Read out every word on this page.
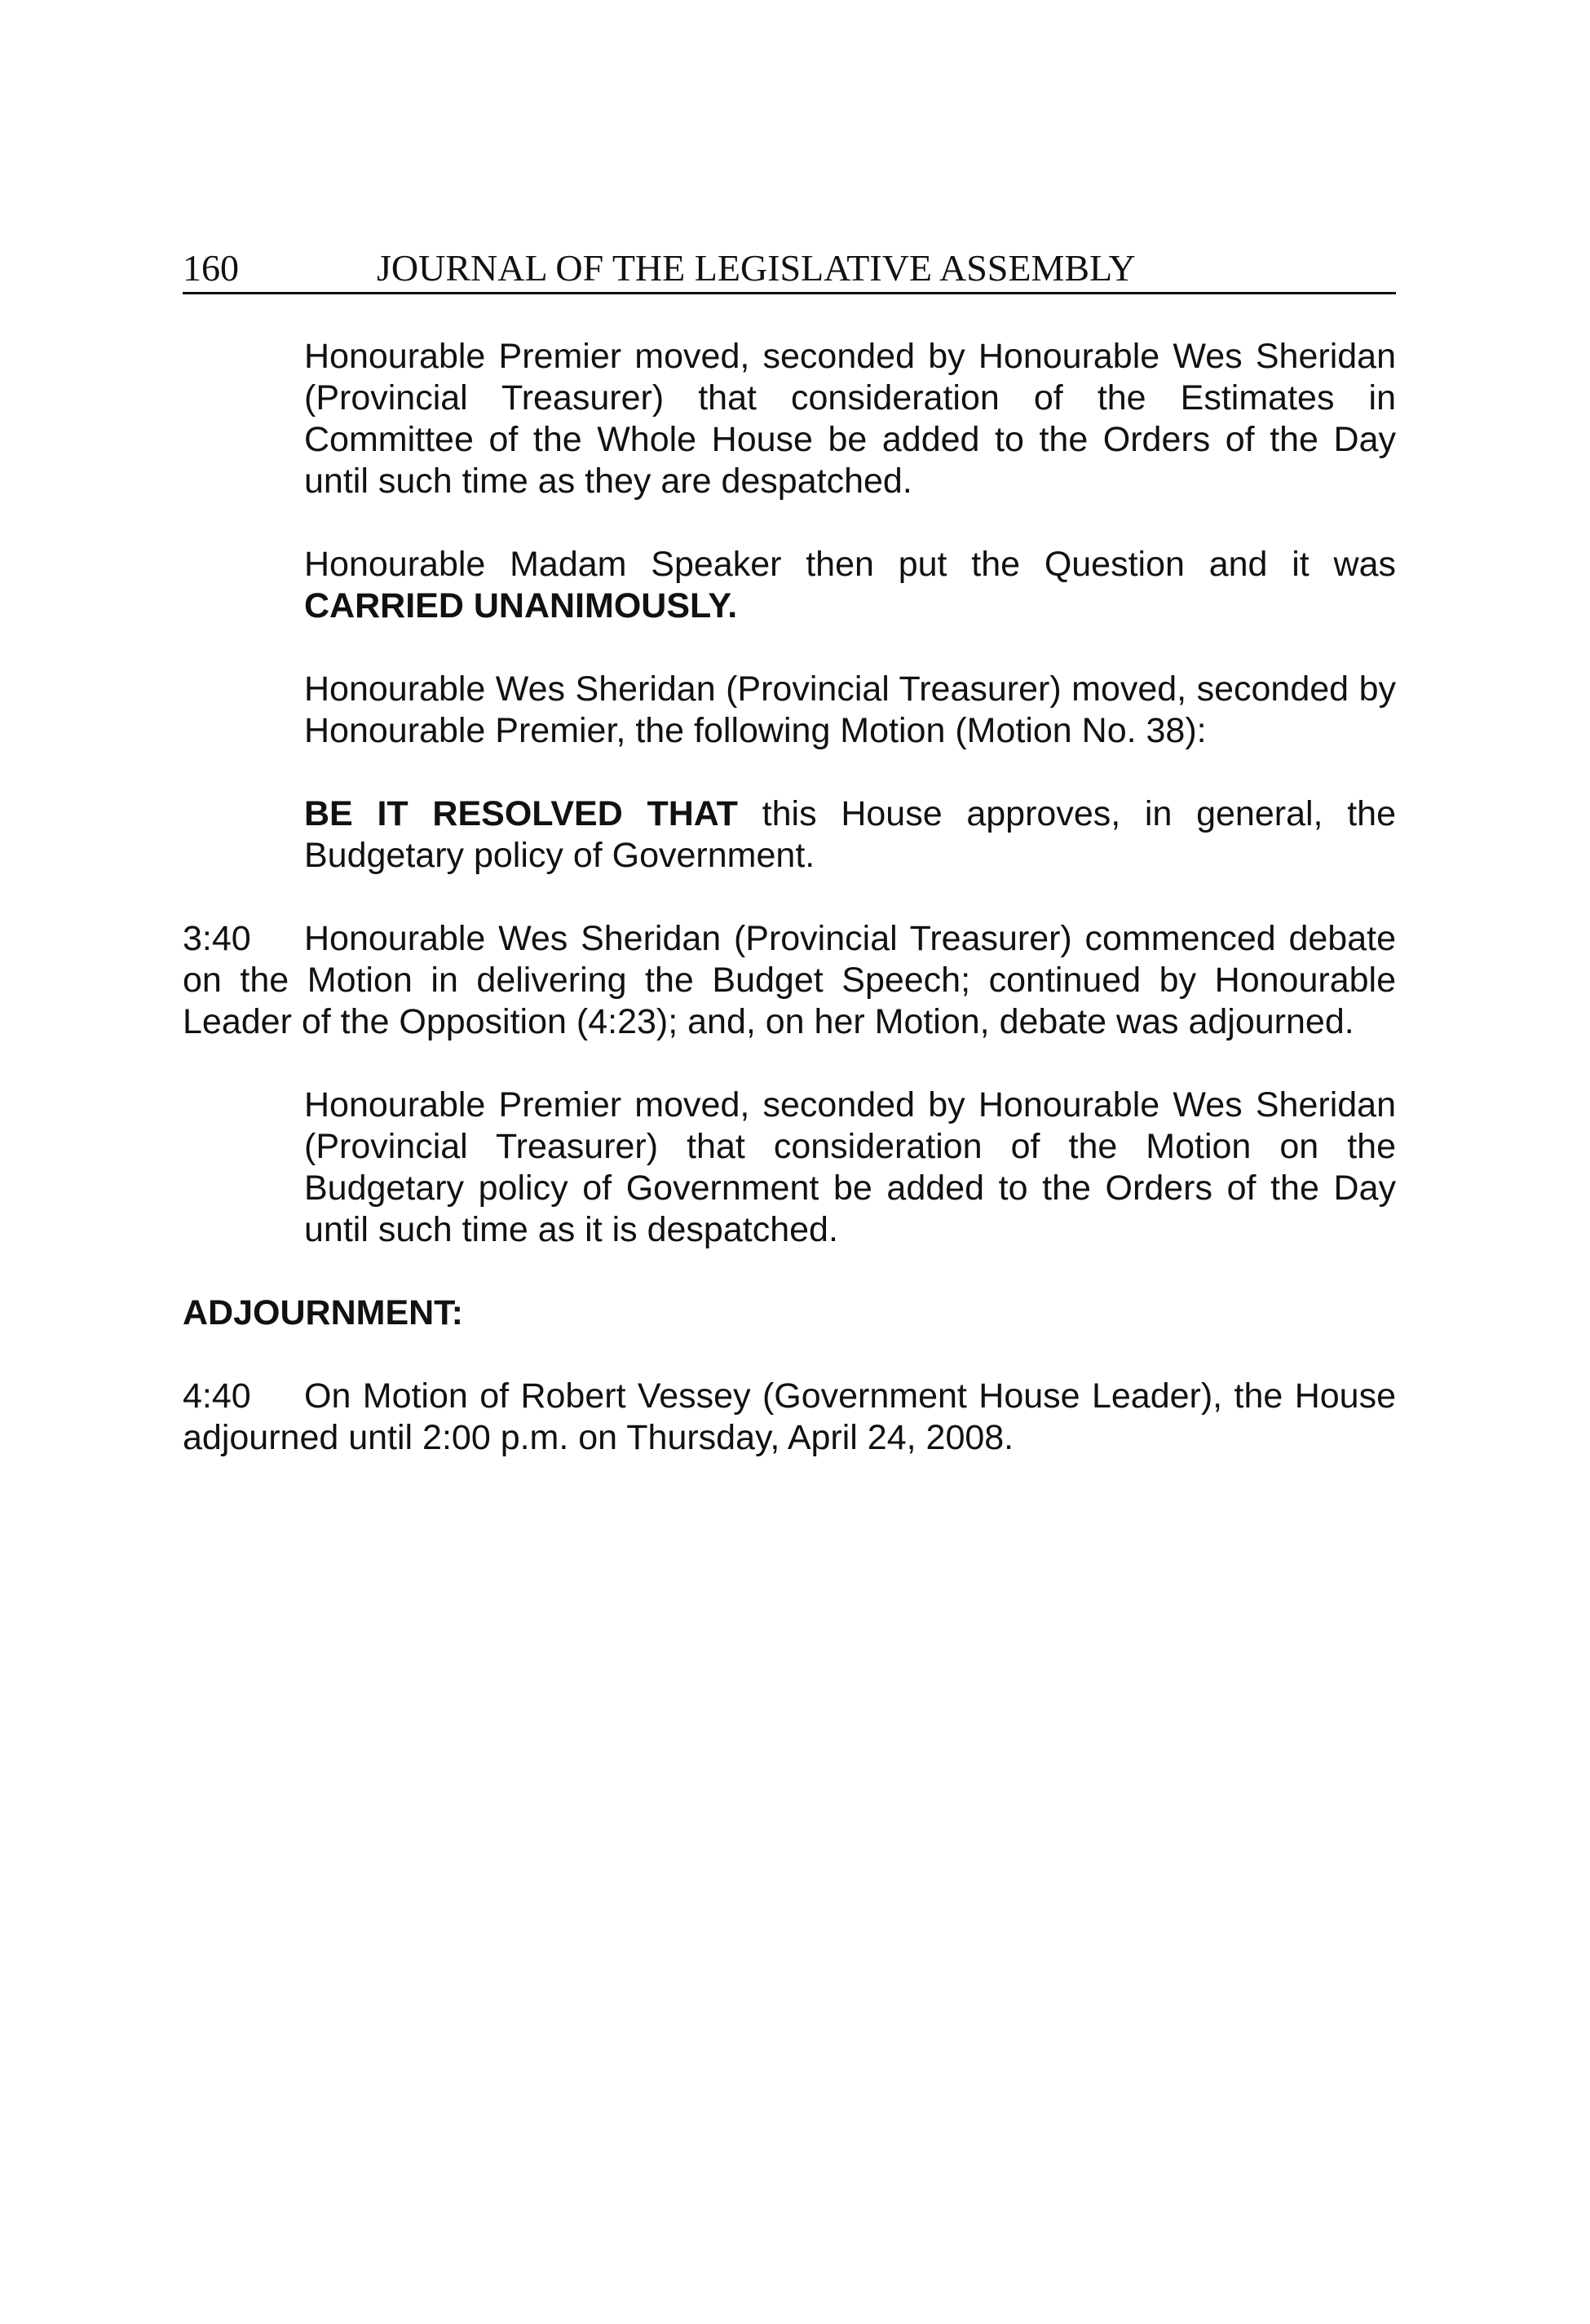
160	JOURNAL OF THE LEGISLATIVE ASSEMBLY

Honourable Premier moved, seconded by Honourable Wes Sheridan (Provincial Treasurer) that consideration of the Estimates in Committee of the Whole House be added to the Orders of the Day until such time as they are despatched.

Honourable Madam Speaker then put the Question and it was CARRIED UNANIMOUSLY.

Honourable Wes Sheridan (Provincial Treasurer) moved, seconded by Honourable Premier, the following Motion (Motion No. 38):

BE IT RESOLVED THAT this House approves, in general, the Budgetary policy of Government.

3:40 Honourable Wes Sheridan (Provincial Treasurer) commenced debate on the Motion in delivering the Budget Speech; continued by Honourable Leader of the Opposition (4:23); and, on her Motion, debate was adjourned.

Honourable Premier moved, seconded by Honourable Wes Sheridan (Provincial Treasurer) that consideration of the Motion on the Budgetary policy of Government be added to the Orders of the Day until such time as it is despatched.

ADJOURNMENT:

4:40 On Motion of Robert Vessey (Government House Leader), the House adjourned until 2:00 p.m. on Thursday, April 24, 2008.
